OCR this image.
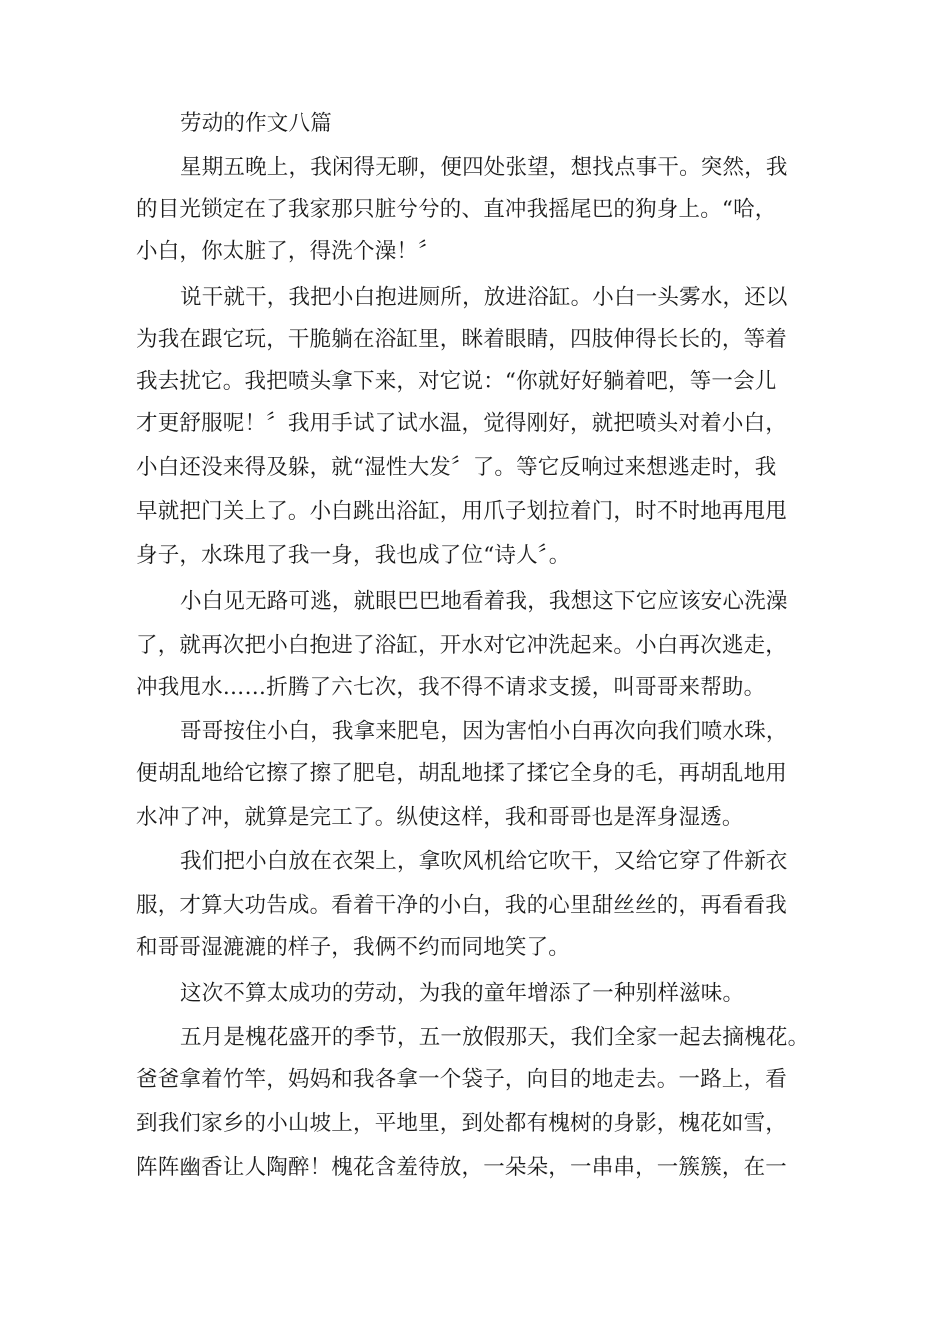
劳动的作文八篇
星期五晚上，我闲得无聊，便四处张望，想找点事干。突然，我
的目光锁定在了我家那只脏兮兮的、直冲我摇尾巴的狗身上。“哈，
小白，你太脏了，得洗个澡！〞
说干就干，我把小白抱进厕所，放进浴缸。小白一头雾水，还以
为我在跟它玩，干脆躺在浴缸里，眯着眼睛，四肢伸得长长的，等着
我去扰它。我把喷头拿下来，对它说：“你就好好躺着吧，等一会儿
才更舒服呢！〞我用手试了试水温，觉得刚好，就把喷头对着小白，
小白还没来得及躲，就“湿性大发〞了。等它反响过来想逃走时，我
早就把门关上了。小白跳出浴缸，用爪子划拉着门，时不时地再甩甩
身子，水珠甩了我一身，我也成了位“诗人〞。
小白见无路可逃，就眼巴巴地看着我，我想这下它应该安心洗澡
了，就再次把小白抱进了浴缸，开水对它冲洗起来。小白再次逃走，
冲我甩水……折腾了六七次，我不得不请求支援，叫哥哥来帮助。
哥哥按住小白，我拿来肥皂，因为害怕小白再次向我们喷水珠，
便胡乱地给它擦了擦了肥皂，胡乱地揉了揉它全身的毛，再胡乱地用
水冲了冲，就算是完工了。纵使这样，我和哥哥也是浑身湿透。
我们把小白放在衣架上，拿吹风机给它吹干，又给它穿了件新衣
服，才算大功告成。看着干净的小白，我的心里甜丝丝的，再看看我
和哥哥湿漉漉的样子，我俩不约而同地笑了。
这次不算太成功的劳动，为我的童年增添了一种别样滋味。
五月是槐花盛开的季节，五一放假那天，我们全家一起去摘槐花。
爸爸拿着竹竿，妈妈和我各拿一个袋子，向目的地走去。一路上，看
到我们家乡的小山坡上，平地里，到处都有槐树的身影，槐花如雪，
阵阵幽香让人陶醉！槐花含羞待放，一朵朵，一串串，一簇簇，在一
